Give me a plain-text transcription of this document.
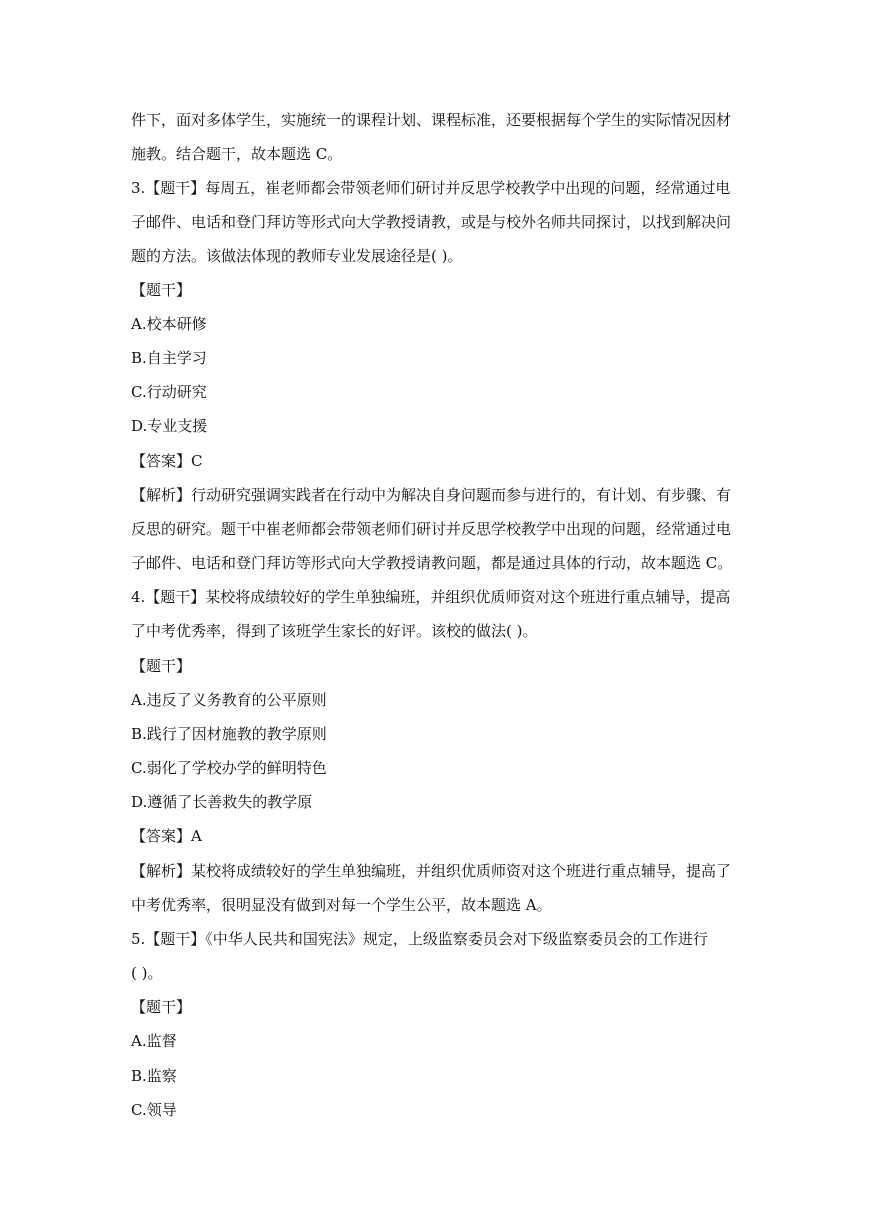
件下，面对多体学生，实施统一的课程计划、课程标准，还要根据每个学生的实际情况因材
施教。结合题干，故本题选 C。
3.【题干】每周五，崔老师都会带领老师们研讨并反思学校教学中出现的问题，经常通过电
子邮件、电话和登门拜访等形式向大学教授请教，或是与校外名师共同探讨，以找到解决问
题的方法。该做法体现的教师专业发展途径是( )。
【题干】
A.校本研修
B.自主学习
C.行动研究
D.专业支援
【答案】C
【解析】行动研究强调实践者在行动中为解决自身问题而参与进行的，有计划、有步骤、有
反思的研究。题干中崔老师都会带领老师们研讨并反思学校教学中出现的问题，经常通过电
子邮件、电话和登门拜访等形式向大学教授请教问题，都是通过具体的行动，故本题选 C。
4.【题干】某校将成绩较好的学生单独编班，并组织优质师资对这个班进行重点辅导，提高
了中考优秀率，得到了该班学生家长的好评。该校的做法( )。
【题干】
A.违反了义务教育的公平原则
B.践行了因材施教的教学原则
C.弱化了学校办学的鲜明特色
D.遵循了长善救失的教学原
【答案】A
【解析】某校将成绩较好的学生单独编班，并组织优质师资对这个班进行重点辅导，提高了
中考优秀率，很明显没有做到对每一个学生公平，故本题选 A。
5.【题干】《中华人民共和国宪法》规定，上级监察委员会对下级监察委员会的工作进行
( )。
【题干】
A.监督
B.监察
C.领导
